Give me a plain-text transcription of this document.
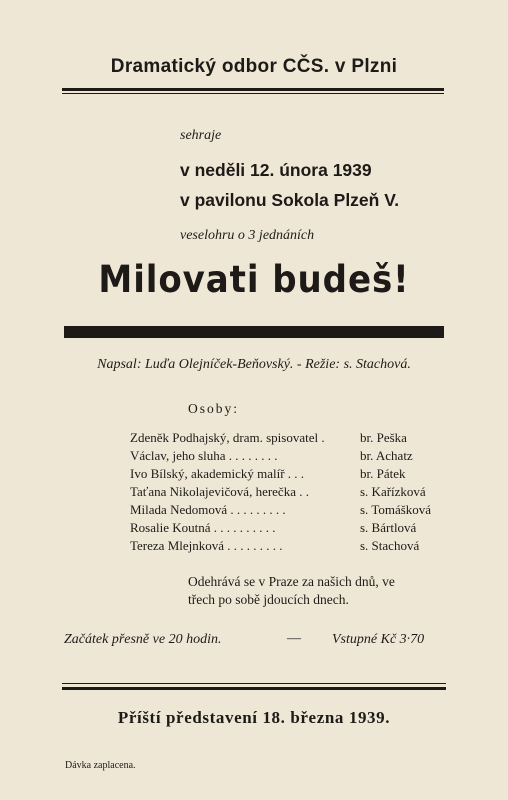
Dramatický odbor CČS. v Plzni
sehraje
v neděli 12. února 1939
v pavilonu Sokola Plzeň V.
veselohru o 3 jednáních
Milovati budeš!
Napsal: Luďa Olejníček-Beňovský. - Režie: s. Stachová.
Osoby:
Zdeněk Podhajský, dram. spisovatel .	br. Peška
Václav, jeho sluha . . . . . . . .	br. Achatz
Ivo Bílský, akademický malíř . . .	br. Pátek
Taťana Nikolajevičová, herečka . .	s. Kařízková
Milada Nedomová . . . . . . . . .	s. Tomášková
Rosalie Koutná . . . . . . . . . .	s. Bártlová
Tereza Mlejnková . . . . . . . . .	s. Stachová
Odehrává se v Praze za našich dnů, ve
třech po sobě jdoucích dnech.
Začátek přesně ve 20 hodin.	— Vstupné Kč 3·70
Příští představení 18. března 1939.
Dávka zaplacena.
